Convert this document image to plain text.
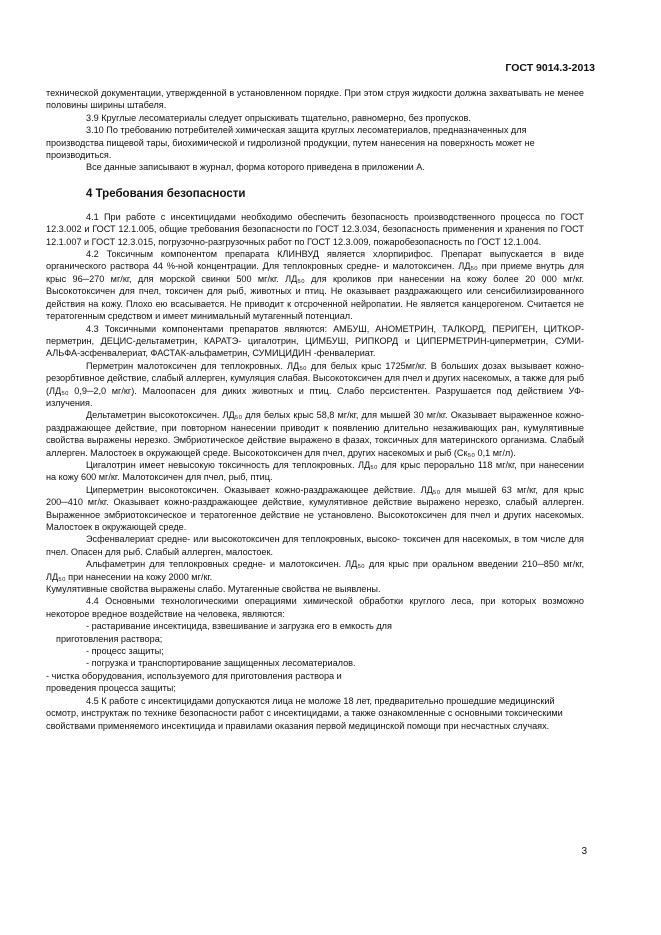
ГОСТ 9014.3-2013

технической документации, утвержденной в установленном порядке. При этом струя жидкости должна захватывать не менее половины ширины штабеля.

3.9 Круглые лесоматериалы следует опрыскивать тщательно, равномерно, без пропусков.

3.10 По требованию потребителей химическая защита круглых лесоматериалов, предназначенных для производства пищевой тары, биохимической и гидролизной продукции, путем нанесения на поверхность может не производиться.

Все данные записывают в журнал, форма которого приведена в приложении А.

4 Требования безопасности

4.1 При работе с инсектицидами необходимо обеспечить безопасность производственного процесса по ГОСТ 12.3.002 и ГОСТ 12.1.005, общие требования безопасности по ГОСТ 12.3.034, безопасность применения и хранения по ГОСТ 12.1.007 и ГОСТ 12.3.015, погрузочно-разгрузочных работ по ГОСТ 12.3.009, пожаробезопасность по ГОСТ 12.1.004.

4.2 Токсичным компонентом препарата КЛИНВУД является хлорпирифос. Препарат выпускается в виде органического раствора 44 %-ной концентрации. Для теплокровных средне- и малотоксичен. ЛД₅₀ при приеме внутрь для крыс 96─270 мг/кг, для морской свинки 500 мг/кг. ЛД₅₀ для кроликов при нанесении на кожу более 20 000 мг/кг. Высокотоксичен для пчел, токсичен для рыб, животных и птиц. Не оказывает раздражающего или сенсибилизированного действия на кожу. Плохо ею всасывается. Не приводит к отсроченной нейропатии. Не является канцерогеном. Считается не тератогенным средством и имеет минимальный мутагенный потенциал.

4.3 Токсичными компонентами препаратов являются: АМБУШ, АНОМЕТРИН, ТАЛКОРД, ПЕРИГЕН, ЦИТКОР- перметрин, ДЕЦИС-дельтаметрин, КАРАТЭ- цигалотрин, ЦИМБУШ, РИПКОРД и ЦИПЕРМЕТРИН-циперметрин, СУМИ-АЛЬФА-эсфенвалериат, ФАСТАК-альфаметрин, СУМИЦИДИН -фенвалериат.

Перметрин малотоксичен для теплокровных. ЛД₅₀ для белых крыс 1725мг/кг. В больших дозах вызывает кожно-резорбтивное действие, слабый аллерген, кумуляция слабая. Высокотоксичен для пчел и других насекомых, а также для рыб (ЛД₅₀ 0,9─2,0 мг/кг). Малоопасен для диких животных и птиц. Слабо персистентен. Разрушается под действием УФ-излучения.

Дельтаметрин высокотоксичен. ЛД₅₀ для белых крыс 58,8 мг/кг, для мышей 30 мг/кг. Оказывает выраженное кожно-раздражающее действие, при повторном нанесении приводит к появлению длительно незаживающих ран, кумулятивные свойства выражены нерезко. Эмбриотическое действие выражено в фазах, токсичных для материнского организма. Слабый аллерген. Малостоек в окружающей среде. Высокотоксичен для пчел, других насекомых и рыб (Ск₅₀ 0,1 мг/л).

Цигалотрин имеет невысокую токсичность для теплокровных. ЛД₅₀ для крыс перорально 118 мг/кг, при нанесении на кожу 600 мг/кг. Малотоксичен для пчел, рыб, птиц.

Циперметрин высокотоксичен. Оказывает кожно-раздражающее действие. ЛД₅₀ для мышей 63 мг/кг, для крыс 200─410 мг/кг. Оказывает кожно-раздражающее действие, кумулятивное действие выражено нерезко, слабый аллерген. Выраженное эмбриотоксическое и тератогенное действие не установлено. Высокотоксичен для пчел и других насекомых. Малостоек в окружающей среде.

Эсфенвалериат средне- или высокотоксичен для теплокровных, высоко- токсичен для насекомых, в том числе для пчел. Опасен для рыб. Слабый аллерген, малостоек.

Альфаметрин для теплокровных средне- и малотоксичен. ЛД₅₀ для крыс при оральном введении 210─850 мг/кг, ЛД₅₀ при нанесении на кожу 2000 мг/кг.

Кумулятивные свойства выражены слабо. Мутагенные свойства не выявлены.

4.4 Основными технологическими операциями химической обработки круглого леса, при которых возможно некоторое вредное воздействие на человека, являются:

- растаривание инсектицида, взвешивание и загрузка его в емкость для

приготовления раствора;

- процесс защиты;

- погрузка и транспортирование защищенных лесоматериалов.

- чистка оборудования, используемого для приготовления раствора и

проведения процесса защиты;

4.5 К работе с инсектицидами допускаются лица не моложе 18 лет, предварительно прошедшие медицинский осмотр, инструктаж по технике безопасности работ с инсектицидами, а также ознакомленные с основными токсическими свойствами применяемого инсектицида и правилами оказания первой медицинской помощи при несчастных случаях.

3
